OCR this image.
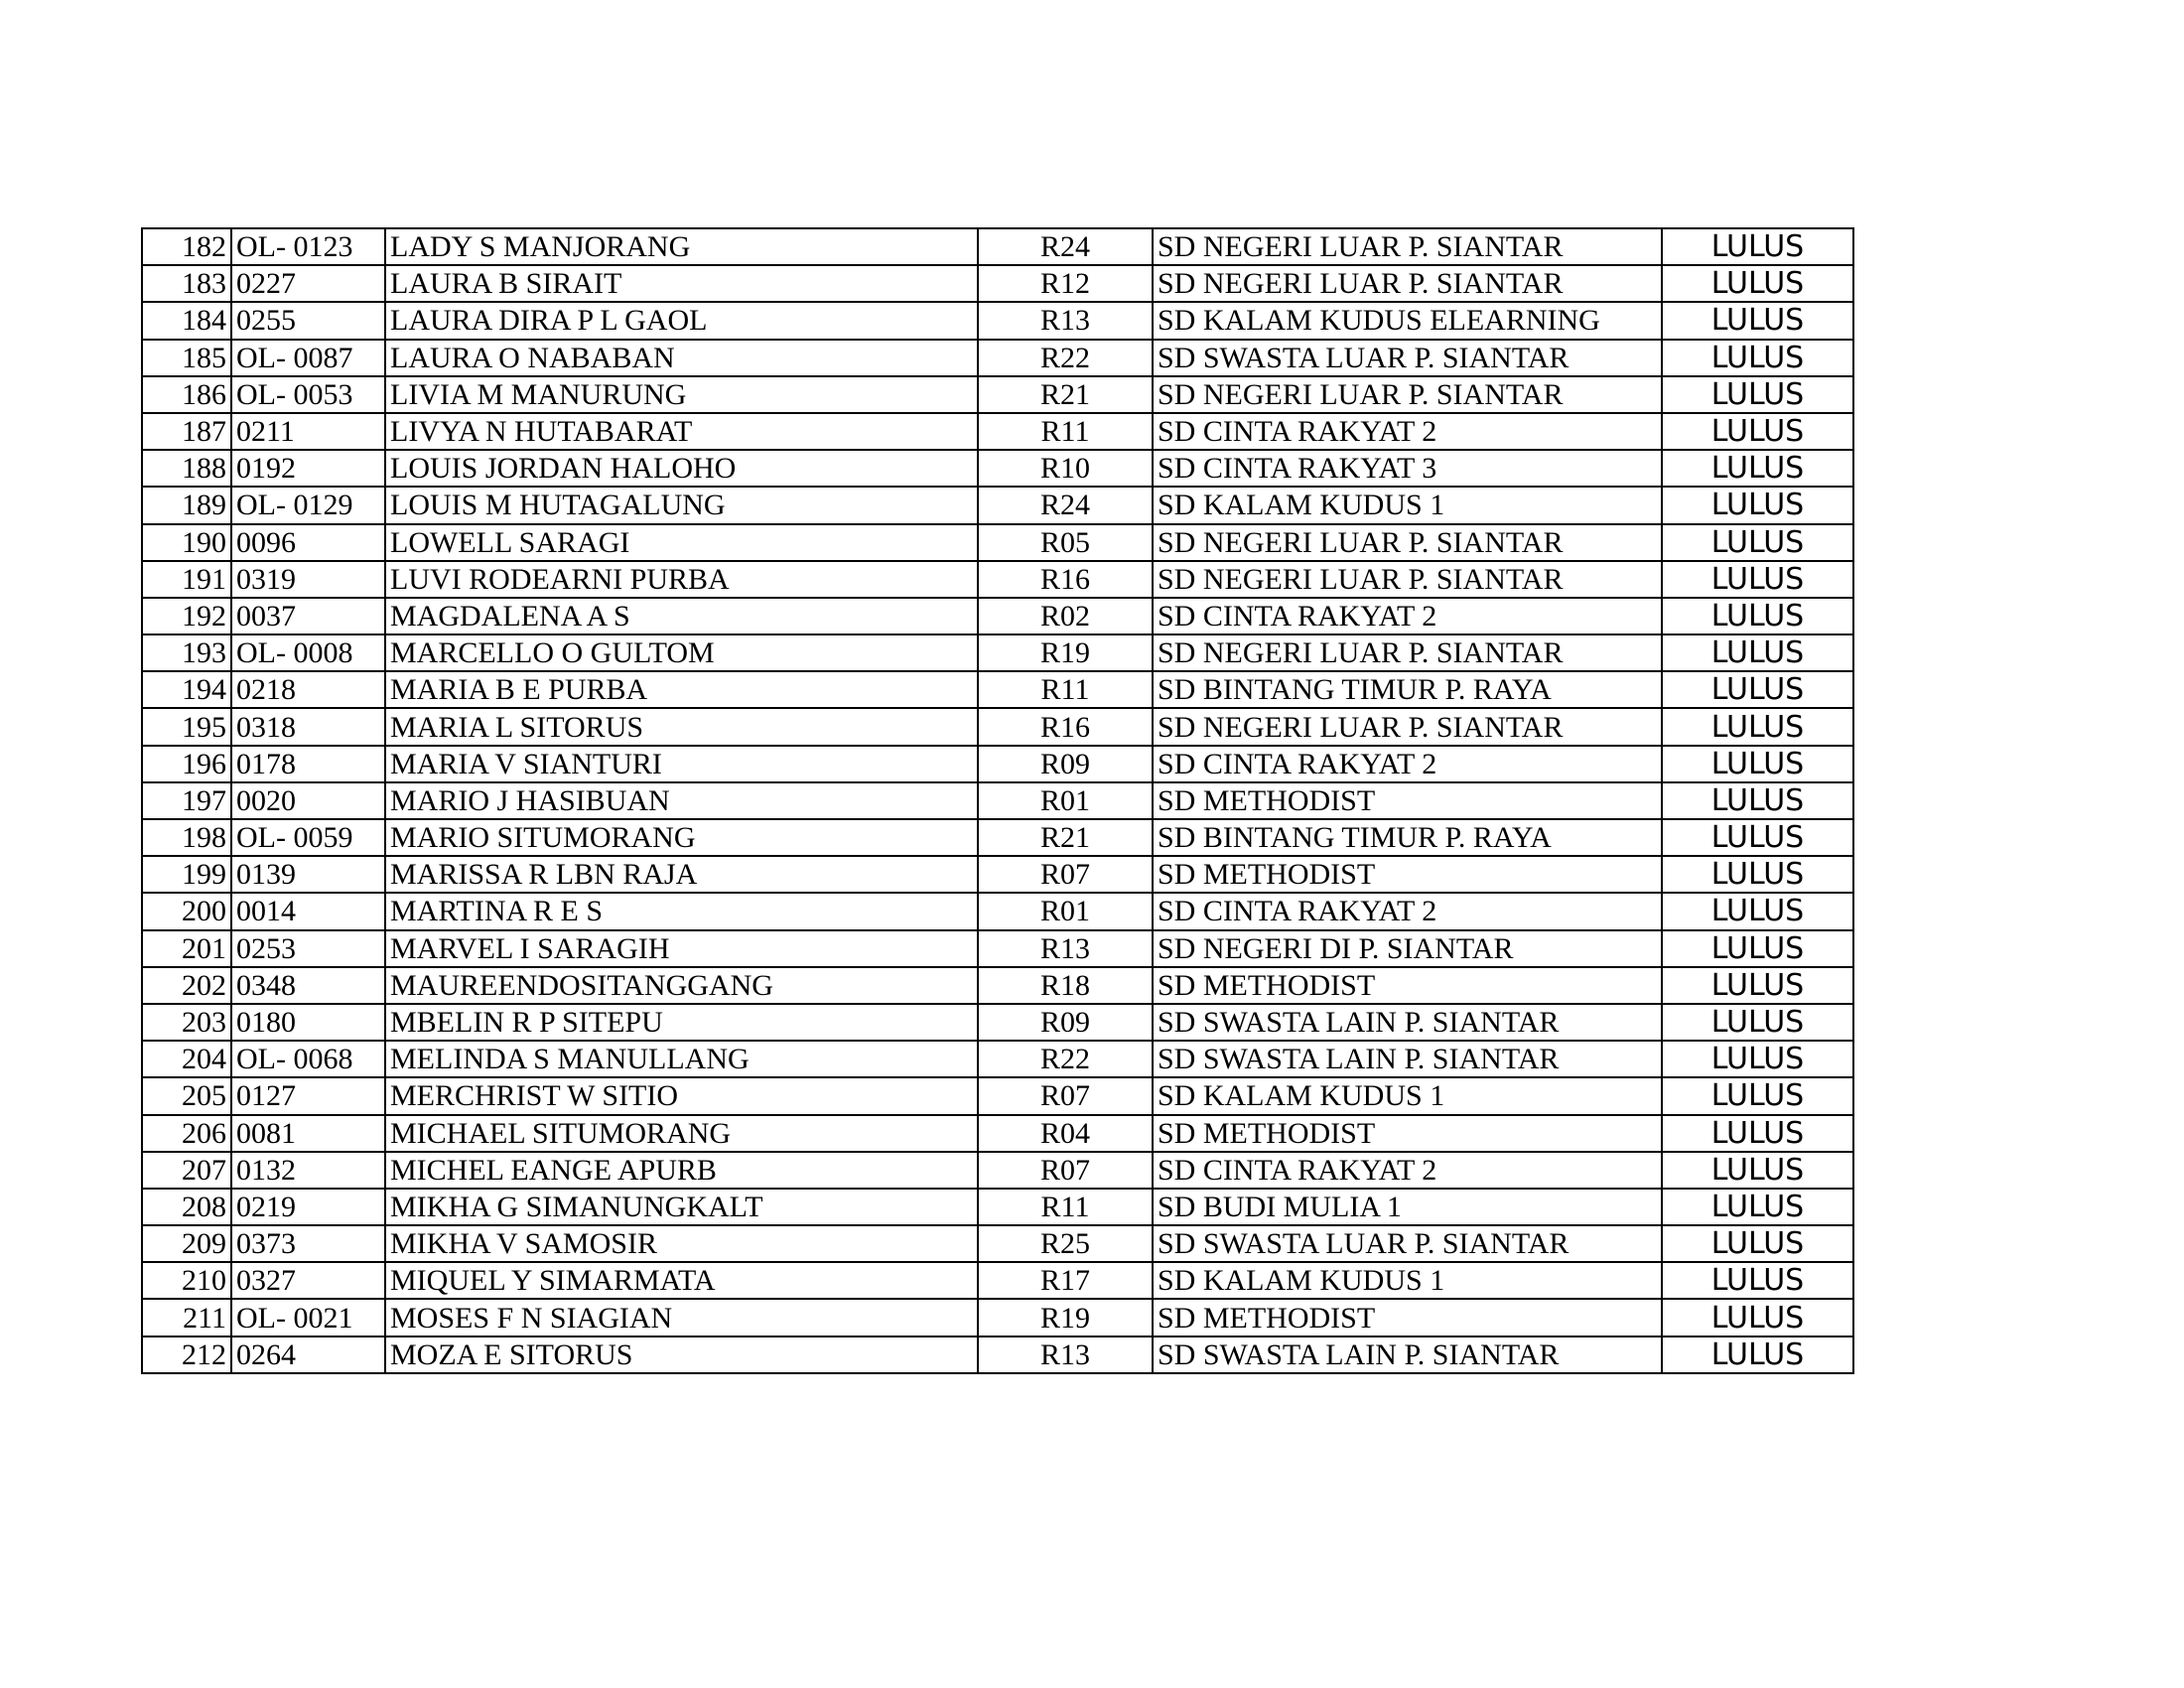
182	OL- 0123	LADY S MANJORANG	R24	SD NEGERI LUAR P. SIANTAR	LULUS
183	0227	LAURA B SIRAIT	R12	SD NEGERI LUAR P. SIANTAR	LULUS
184	0255	LAURA DIRA P L GAOL	R13	SD KALAM KUDUS ELEARNING	LULUS
185	OL- 0087	LAURA O NABABAN	R22	SD SWASTA LUAR P. SIANTAR	LULUS
186	OL- 0053	LIVIA M MANURUNG	R21	SD NEGERI LUAR P. SIANTAR	LULUS
187	0211	LIVYA N HUTABARAT	R11	SD CINTA RAKYAT 2	LULUS
188	0192	LOUIS JORDAN HALOHO	R10	SD CINTA RAKYAT 3	LULUS
189	OL- 0129	LOUIS M HUTAGALUNG	R24	SD KALAM KUDUS 1	LULUS
190	0096	LOWELL SARAGI	R05	SD NEGERI LUAR P. SIANTAR	LULUS
191	0319	LUVI RODEARNI PURBA	R16	SD NEGERI LUAR P. SIANTAR	LULUS
192	0037	MAGDALENA A S	R02	SD CINTA RAKYAT 2	LULUS
193	OL- 0008	MARCELLO O GULTOM	R19	SD NEGERI LUAR P. SIANTAR	LULUS
194	0218	MARIA B E PURBA	R11	SD BINTANG TIMUR P. RAYA	LULUS
195	0318	MARIA L SITORUS	R16	SD NEGERI LUAR P. SIANTAR	LULUS
196	0178	MARIA V SIANTURI	R09	SD CINTA RAKYAT 2	LULUS
197	0020	MARIO J HASIBUAN	R01	SD METHODIST	LULUS
198	OL- 0059	MARIO SITUMORANG	R21	SD BINTANG TIMUR P. RAYA	LULUS
199	0139	MARISSA R LBN RAJA	R07	SD METHODIST	LULUS
200	0014	MARTINA R E S	R01	SD CINTA RAKYAT 2	LULUS
201	0253	MARVEL I SARAGIH	R13	SD NEGERI DI P. SIANTAR	LULUS
202	0348	MAUREENDOSITANGGANG	R18	SD METHODIST	LULUS
203	0180	MBELIN R P SITEPU	R09	SD SWASTA LAIN P. SIANTAR	LULUS
204	OL- 0068	MELINDA S MANULLANG	R22	SD SWASTA LAIN P. SIANTAR	LULUS
205	0127	MERCHRIST W SITIO	R07	SD KALAM KUDUS 1	LULUS
206	0081	MICHAEL SITUMORANG	R04	SD METHODIST	LULUS
207	0132	MICHEL EANGE APURB	R07	SD CINTA RAKYAT 2	LULUS
208	0219	MIKHA G SIMANUNGKALT	R11	SD BUDI MULIA 1	LULUS
209	0373	MIKHA V SAMOSIR	R25	SD SWASTA LUAR P. SIANTAR	LULUS
210	0327	MIQUEL Y SIMARMATA	R17	SD KALAM KUDUS 1	LULUS
211	OL- 0021	MOSES F N SIAGIAN	R19	SD METHODIST	LULUS
212	0264	MOZA E SITORUS	R13	SD SWASTA LAIN P. SIANTAR	LULUS
